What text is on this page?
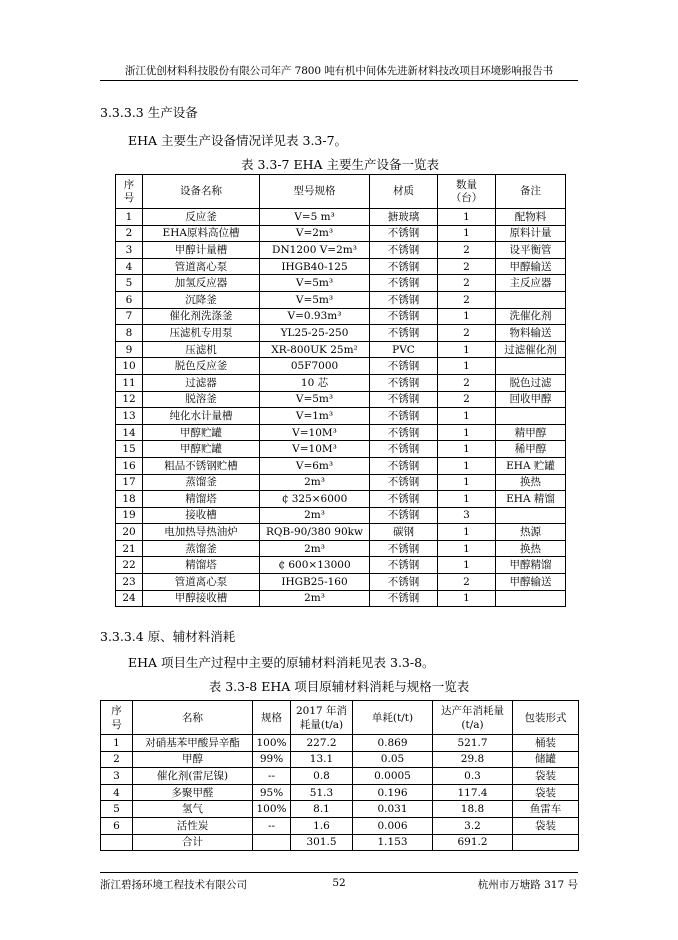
浙江优创材料科技股份有限公司年产 7800 吨有机中间体先进新材料技改项目环境影响报告书
3.3.3.3 生产设备
EHA 主要生产设备情况详见表 3.3-7。
表 3.3-7 EHA 主要生产设备一览表
序号	设备名称	型号规格	材质	数量（台）	备注
1	反应釜	V=5 m³	搪玻璃	1	配物料
2	EHA原料高位槽	V=2m³	不锈钢	1	原料计量
3	甲醇计量槽	DN1200 V=2m³	不锈钢	2	设平衡管
4	管道离心泵	IHGB40-125	不锈钢	2	甲醇输送
5	加氢反应器	V=5m³	不锈钢	2	主反应器
6	沉降釜	V=5m³	不锈钢	2	
7	催化剂洗涤釜	V=0.93m³	不锈钢	1	洗催化剂
8	压滤机专用泵	YL25-25-250	不锈钢	2	物料输送
9	压滤机	XR-800UK 25m²	PVC	1	过滤催化剂
10	脱色反应釜	05F7000	不锈钢	1	
11	过滤器	10 芯	不锈钢	2	脱色过滤
12	脱溶釜	V=5m³	不锈钢	2	回收甲醇
13	纯化水计量槽	V=1m³	不锈钢	1	
14	甲醇贮罐	V=10M³	不锈钢	1	精甲醇
15	甲醇贮罐	V=10M³	不锈钢	1	稀甲醇
16	粗品不锈钢贮槽	V=6m³	不锈钢	1	EHA 贮罐
17	蒸馏釜	2m³	不锈钢	1	换热
18	精馏塔	₵ 325×6000	不锈钢	1	EHA 精馏
19	接收槽	2m³	不锈钢	3	
20	电加热导热油炉	RQB-90/380 90kw	碳钢	1	热源
21	蒸馏釜	2m³	不锈钢	1	换热
22	精馏塔	₵ 600×13000	不锈钢	1	甲醇精馏
23	管道离心泵	IHGB25-160	不锈钢	2	甲醇输送
24	甲醇接收槽	2m³	不锈钢	1	
3.3.3.4 原、辅材料消耗
EHA 项目生产过程中主要的原辅材料消耗见表 3.3-8。
表 3.3-8 EHA 项目原辅材料消耗与规格一览表
序号	名称	规格	2017 年消耗量(t/a)	单耗(t/t)	达产年消耗量(t/a)	包装形式
1	对硝基苯甲酸异辛酯	100%	227.2	0.869	521.7	桶装
2	甲醇	99%	13.1	0.05	29.8	储罐
3	催化剂(雷尼镍)	--	0.8	0.0005	0.3	袋装
4	多聚甲醛	95%	51.3	0.196	117.4	袋装
5	氢气	100%	8.1	0.031	18.8	鱼雷车
6	活性炭	--	1.6	0.006	3.2	袋装
	合计		301.5	1.153	691.2	
浙江碧扬环境工程技术有限公司	52	杭州市万塘路 317 号
